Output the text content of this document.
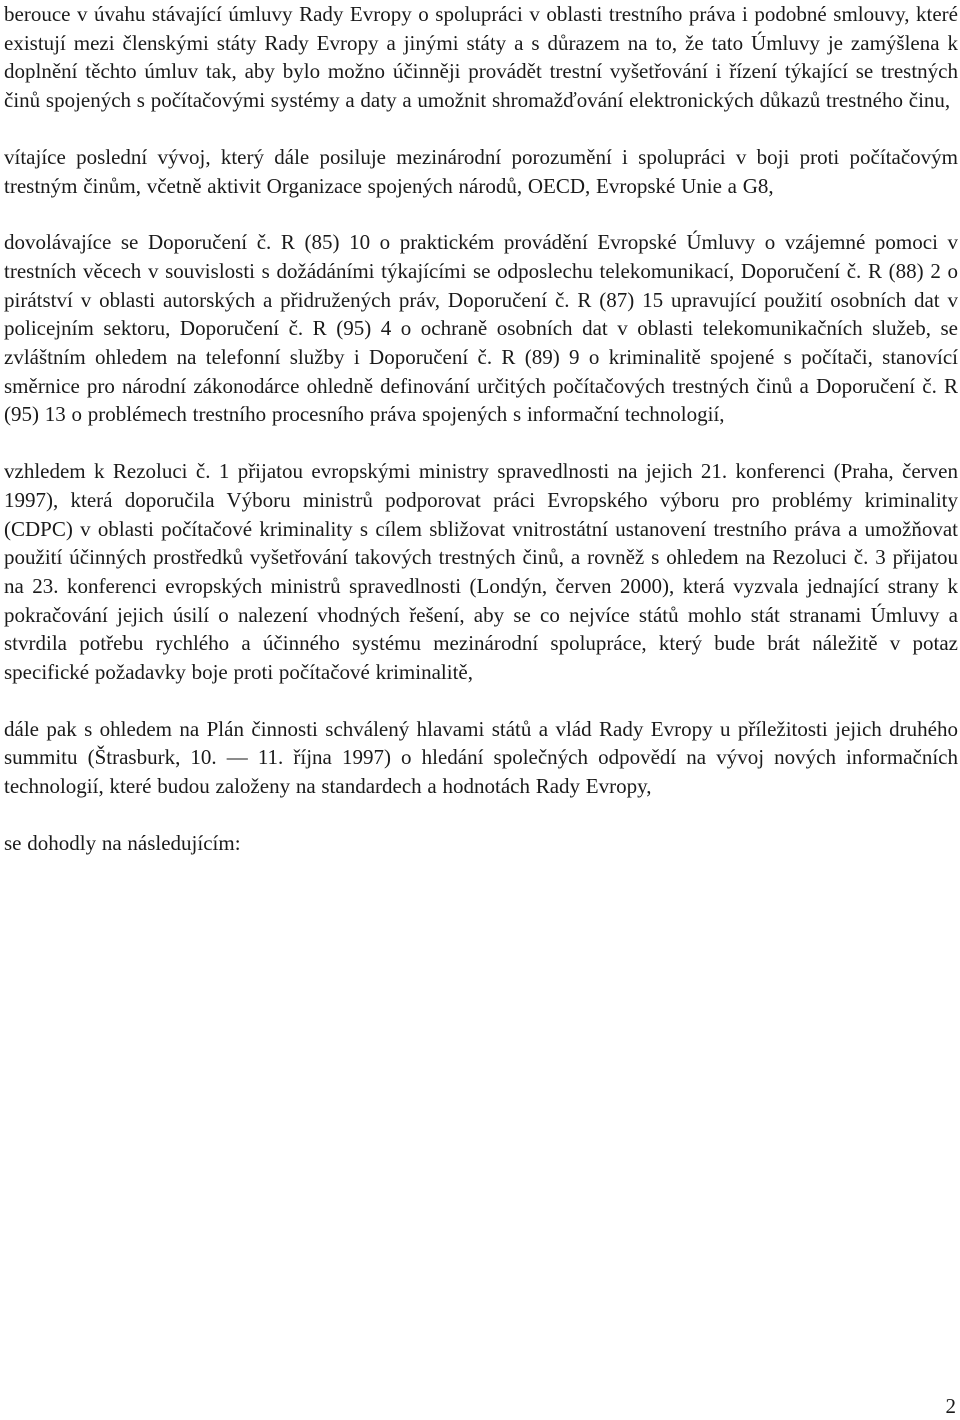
berouce v úvahu stávající úmluvy Rady Evropy o spolupráci v oblasti trestního práva i podobné smlouvy, které existují mezi členskými státy Rady Evropy a jinými státy a s důrazem na to, že tato Úmluvy je zamýšlena k doplnění těchto úmluv tak, aby bylo možno účinněji provádět trestní vyšetřování i řízení týkající se trestných činů spojených s počítačovými systémy a daty a umožnit shromažďování elektronických důkazů trestného činu,

vítajíce poslední vývoj, který dále posiluje mezinárodní porozumění i spolupráci v boji proti počítačovým trestným činům, včetně aktivit Organizace spojených národů, OECD, Evropské Unie a G8,

dovolávajíce se Doporučení č. R (85) 10 o praktickém provádění Evropské Úmluvy o vzájemné pomoci v trestních věcech v souvislosti s dožádáními týkajícími se odposlechu telekomunikací, Doporučení č. R (88) 2 o pirátství v oblasti autorských a přidružených práv, Doporučení č. R (87) 15 upravující použití osobních dat v policejním sektoru, Doporučení č. R (95) 4 o ochraně osobních dat v oblasti telekomunikačních služeb, se zvláštním ohledem na telefonní služby i Doporučení č. R (89) 9 o kriminalitě spojené s počítači, stanovící směrnice pro národní zákonodárce ohledně definování určitých počítačových trestných činů a Doporučení č. R (95) 13 o problémech trestního procesního práva spojených s informační technologií,

vzhledem k Rezoluci č. 1 přijatou evropskými ministry spravedlnosti na jejich 21. konferenci (Praha, červen 1997), která doporučila Výboru ministrů podporovat práci Evropského výboru pro problémy kriminality (CDPC) v oblasti počítačové kriminality s cílem sbližovat vnitrostátní ustanovení trestního práva a umožňovat použití účinných prostředků vyšetřování takových trestných činů, a rovněž s ohledem na Rezoluci č. 3 přijatou na 23. konferenci evropských ministrů spravedlnosti (Londýn, červen 2000), která vyzvala jednající strany k pokračování jejich úsilí o nalezení vhodných řešení, aby se co nejvíce států mohlo stát stranami Úmluvy a stvrdila potřebu rychlého a účinného systému mezinárodní spolupráce, který bude brát náležitě v potaz specifické požadavky boje proti počítačové kriminalitě,

dále pak s ohledem na Plán činnosti schválený hlavami států a vlád Rady Evropy u příležitosti jejich druhého summitu (Štrasburk, 10. — 11. října 1997) o hledání společných odpovědí na vývoj nových informačních technologií, které budou založeny na standardech a hodnotách Rady Evropy,

se dohodly na následujícím:

2
